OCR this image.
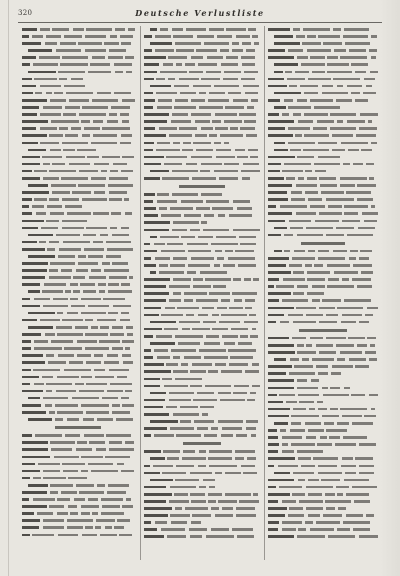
320	Deutsche Verlustliste
